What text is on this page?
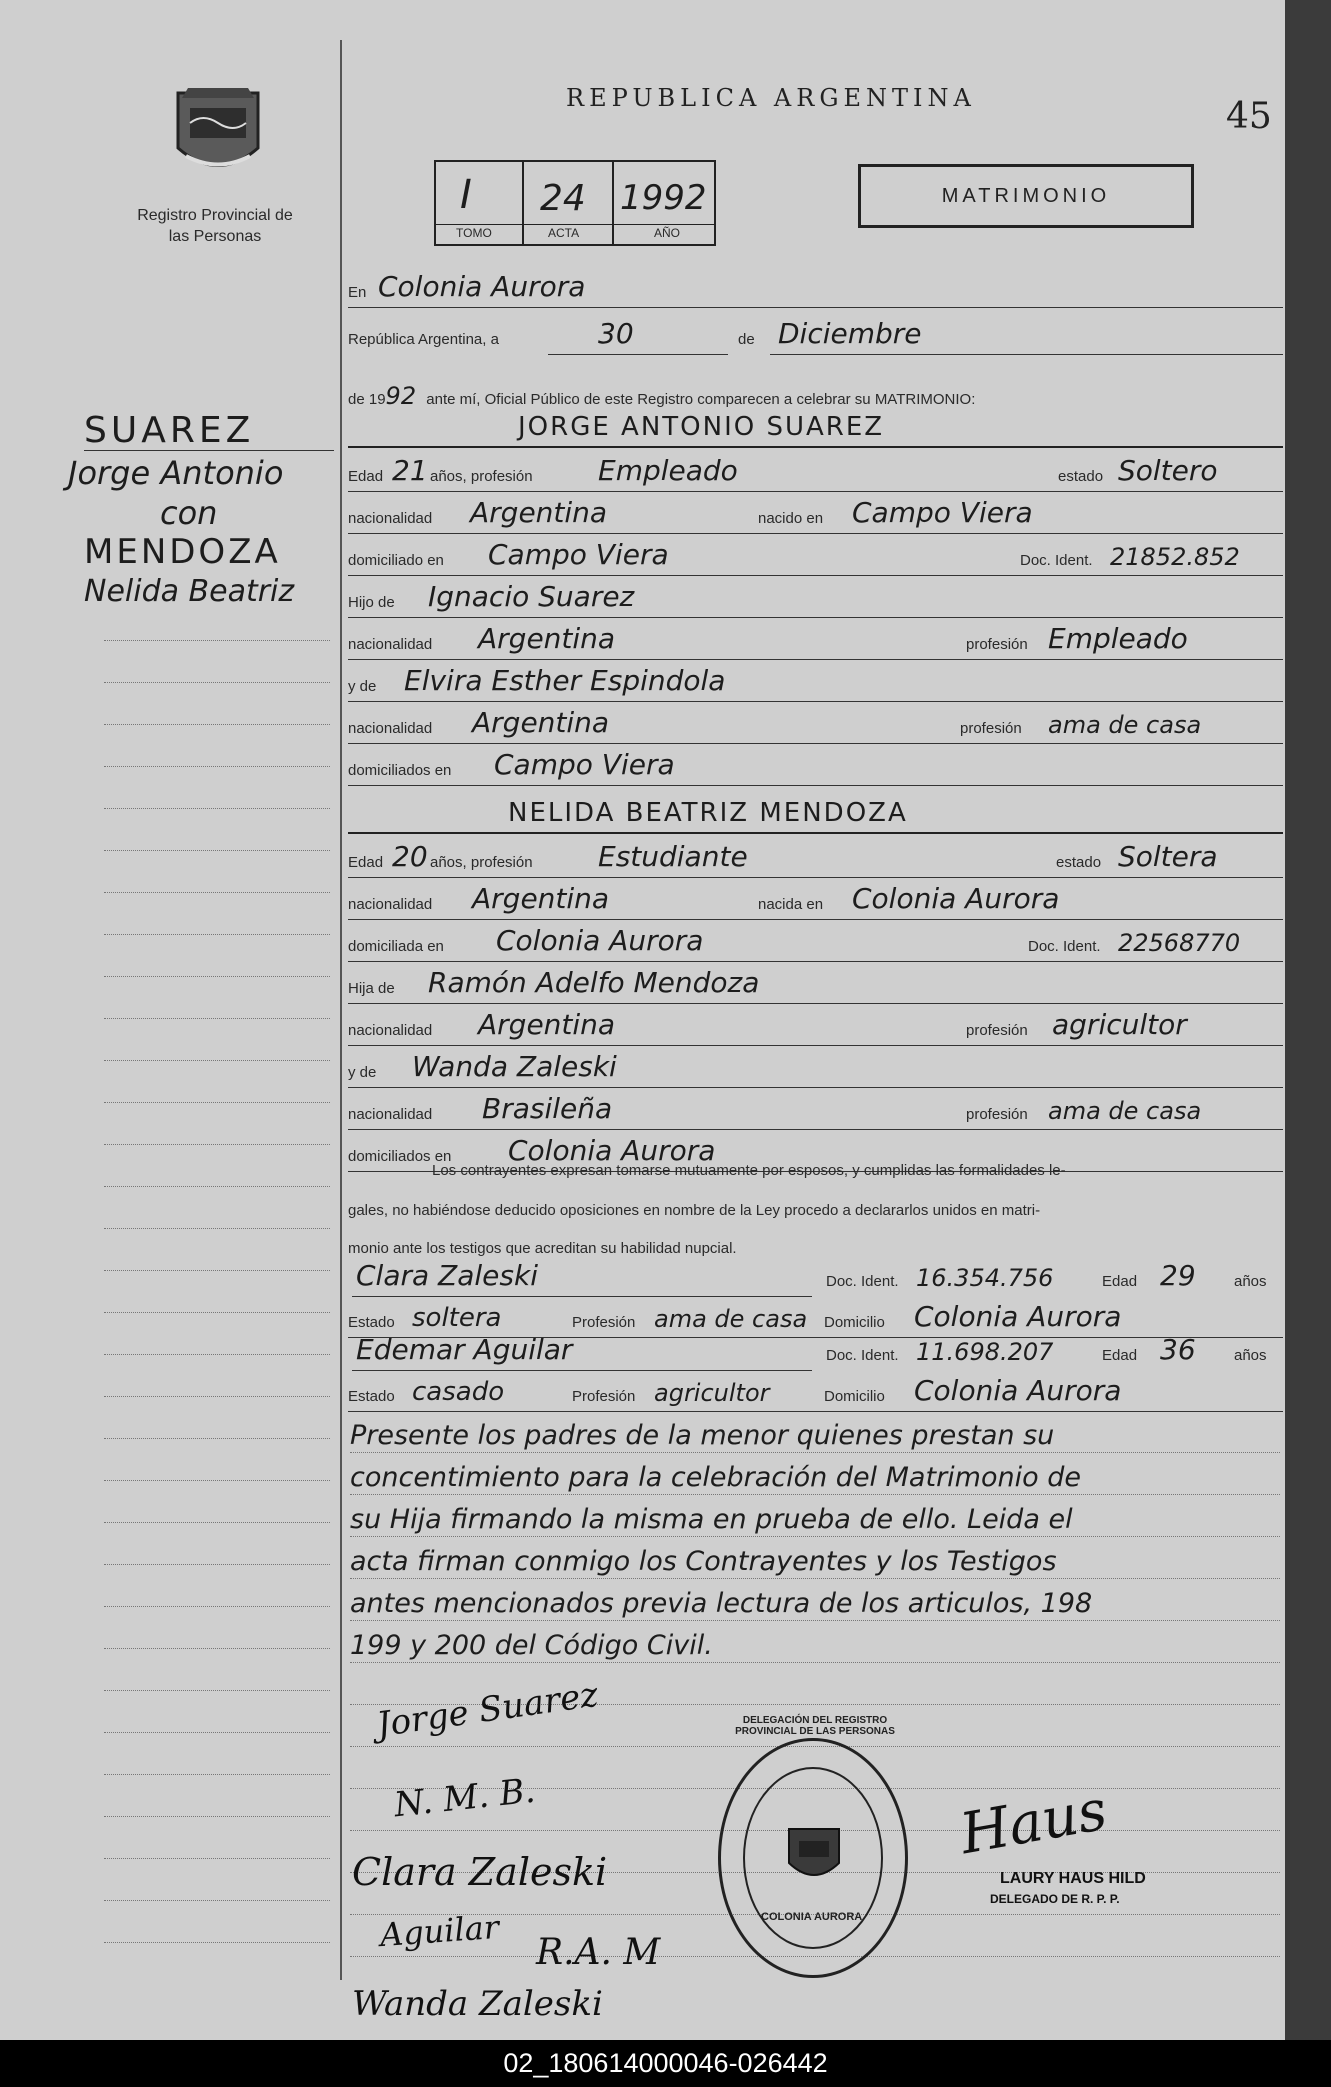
Registro Provincial de las Personas
REPUBLICA ARGENTINA	45
I
TOMO
24
ACTA
1992
AÑO
MATRIMONIO
SUAREZ
Jorge Antonio
con
MENDOZA
Nelida Beatriz
En Colonia Aurora
República Argentina, a	30	de Diciembre
de 1992 ante mí, Oficial Público de este Registro comparecen a celebrar su MATRIMONIO:
JORGE ANTONIO SUAREZ
Edad 21 años, profesión Empleado	estado Soltero
nacionalidad Argentina	nacido en Campo Viera
domiciliado en Campo Viera	Doc. Ident. 21852.852
Hijo de Ignacio Suarez
nacionalidad Argentina	profesión Empleado
y de Elvira Esther Espindola
nacionalidad Argentina	profesión ama de casa
domiciliados en Campo Viera
NELIDA BEATRIZ MENDOZA
Edad 20 años, profesión Estudiante	estado Soltera
nacionalidad Argentina	nacida en Colonia Aurora
domiciliada en Colonia Aurora	Doc. Ident. 22568770
Hija de Ramón Adelfo Mendoza
nacionalidad Argentina	profesión agricultor
y de Wanda Zaleski
nacionalidad Brasileña	profesión ama de casa
domiciliados en Colonia Aurora
Los contrayentes expresan tomarse mutuamente por esposos, y cumplidas las formalidades le-
gales, no habiéndose deducido oposiciones en nombre de la Ley procedo a declararlos unidos en matri-
monio ante los testigos que acreditan su habilidad nupcial.
Clara Zaleski	Doc. Ident. 16.354.756	Edad 29	años
Estado soltera	Profesión ama de casa Domicilio Colonia Aurora
Edemar Aguilar	Doc. Ident. 11.698.207	Edad 36	años
Estado casado	Profesión agricultor	Domicilio Colonia Aurora
Presente los padres de la menor quienes prestan su
concentimiento para la celebración del Matrimonio de
su Hija firmando la misma en prueba de ello. Leida el
acta firman conmigo los Contrayentes y los Testigos
antes mencionados previa lectura de los articulos, 198
199 y 200 del Código Civil.
Jorge Suarez
N. M. B.
Clara Zaleski
Aguilar R.A. M
Wanda Zaleski
DELEGACIÓN DEL REGISTRO PROVINCIAL DE LAS PERSONAS
COLONIA AURORA
Haus
LAURY HAUS HILD
DELEGADO DE R. P. P.
02_180614000046-026442
